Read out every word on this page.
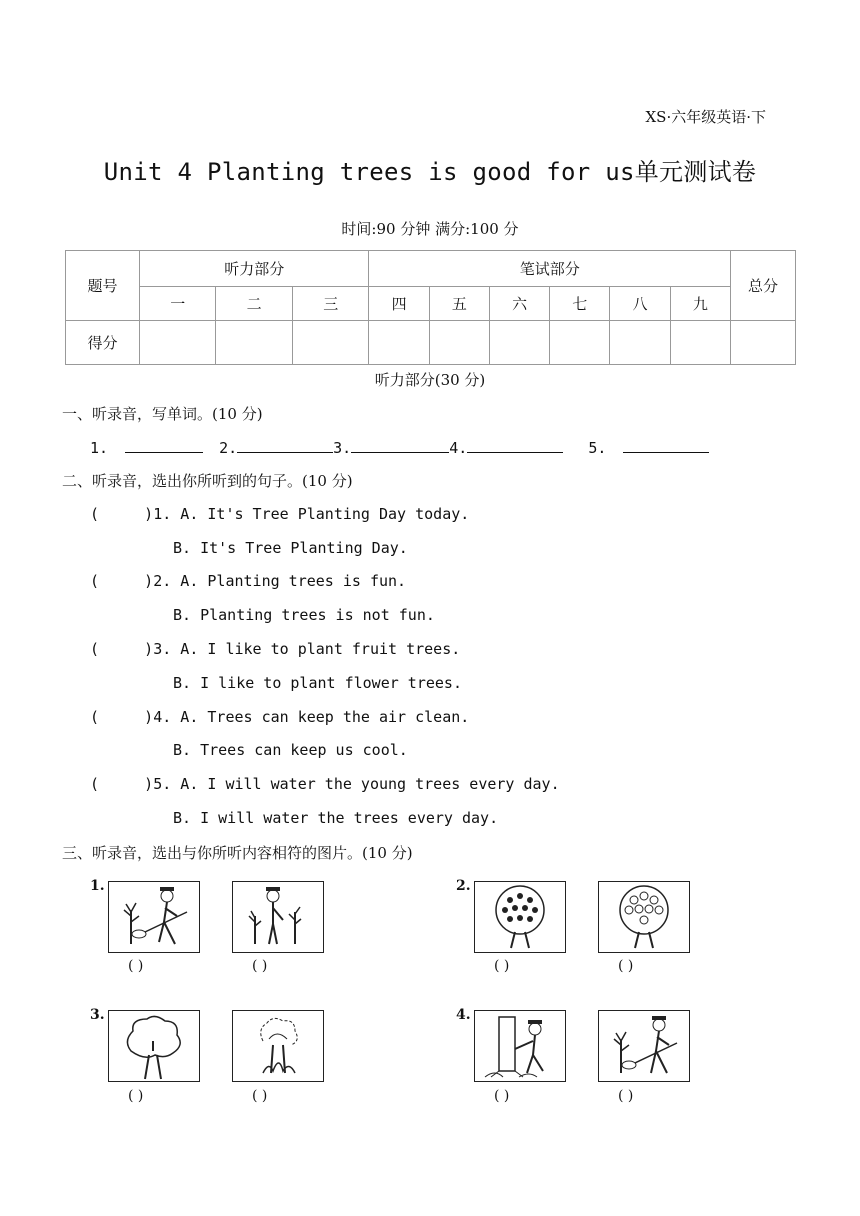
XS·六年级英语·下
Unit 4 Planting trees is good for us单元测试卷
时间:90 分钟 满分:100 分
题号	听力部分			笔试部分						总分
	一	二	三	四	五	六	七	八	九	
得分										
听力部分(30 分)
一、听录音，写单词。(10 分)
1.	2.	3.	4.	5.
二、听录音，选出你所听到的句子。(10 分)
(     )1. A. It's Tree Planting Day today.
B. It's Tree Planting Day.
(     )2. A. Planting trees is fun.
B. Planting trees is not fun.
(     )3. A. I like to plant fruit trees.
B. I like to plant flower trees.
(     )4. A. Trees can keep the air clean.
B. Trees can keep us cool.
(     )5. A. I will water the young trees every day.
B. I will water the trees every day.
三、听录音，选出与你所听内容相符的图片。(10 分)
1.
( )	( )
2.
( )	( )
3.
( )	( )
4.
( )	( )
